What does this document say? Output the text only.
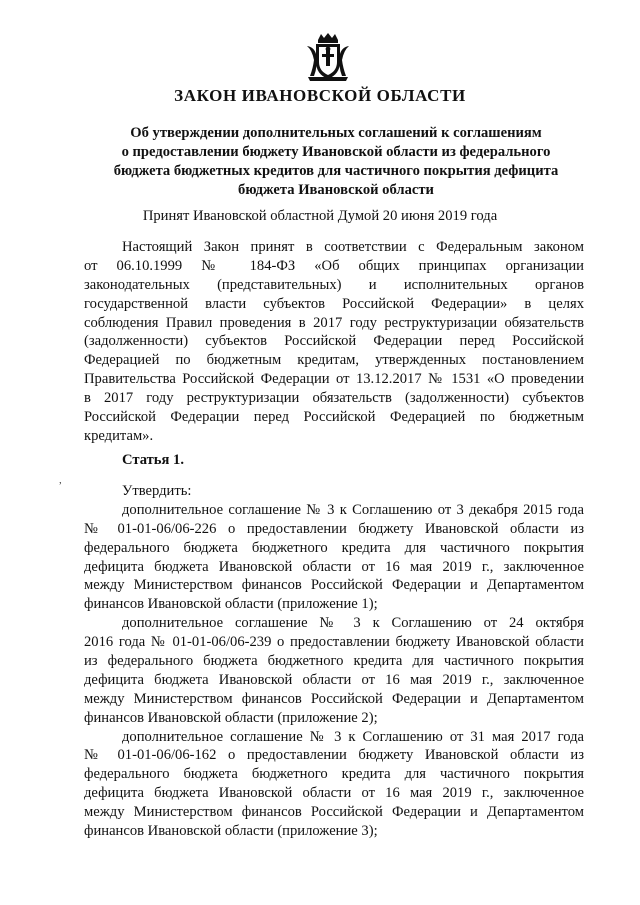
ЗАКОН ИВАНОВСКОЙ ОБЛАСТИ
Об утверждении дополнительных соглашений к соглашениям
о предоставлении бюджету Ивановской области из федерального
бюджета бюджетных кредитов для частичного покрытия дефицита
бюджета Ивановской области
Принят Ивановской областной Думой 20 июня 2019 года
Настоящий Закон принят в соответствии с Федеральным законом
от 06.10.1999 № 184-ФЗ «Об общих принципах организации
законодательных (представительных) и исполнительных органов
государственной власти субъектов Российской Федерации» в целях
соблюдения Правил проведения в 2017 году реструктуризации обязательств
(задолженности) субъектов Российской Федерации перед Российской
Федерацией по бюджетным кредитам, утвержденных постановлением
Правительства Российской Федерации от 13.12.2017 № 1531 «О проведении
в 2017 году реструктуризации обязательств (задолженности) субъектов
Российской Федерации перед Российской Федерацией по бюджетным
кредитам».
Статья 1.
,
Утвердить:
дополнительное соглашение № 3 к Соглашению от 3 декабря 2015 года
№ 01-01-06/06-226 о предоставлении бюджету Ивановской области из
федерального бюджета бюджетного кредита для частичного покрытия
дефицита бюджета Ивановской области от 16 мая 2019 г., заключенное
между Министерством финансов Российской Федерации и Департаментом
финансов Ивановской области (приложение 1);
дополнительное соглашение № 3 к Соглашению от 24 октября
2016 года № 01-01-06/06-239 о предоставлении бюджету Ивановской области
из федерального бюджета бюджетного кредита для частичного покрытия
дефицита бюджета Ивановской области от 16 мая 2019 г., заключенное
между Министерством финансов Российской Федерации и Департаментом
финансов Ивановской области (приложение 2);
дополнительное соглашение № 3 к Соглашению от 31 мая 2017 года
№ 01-01-06/06-162 о предоставлении бюджету Ивановской области из
федерального бюджета бюджетного кредита для частичного покрытия
дефицита бюджета Ивановской области от 16 мая 2019 г., заключенное
между Министерством финансов Российской Федерации и Департаментом
финансов Ивановской области (приложение 3);
